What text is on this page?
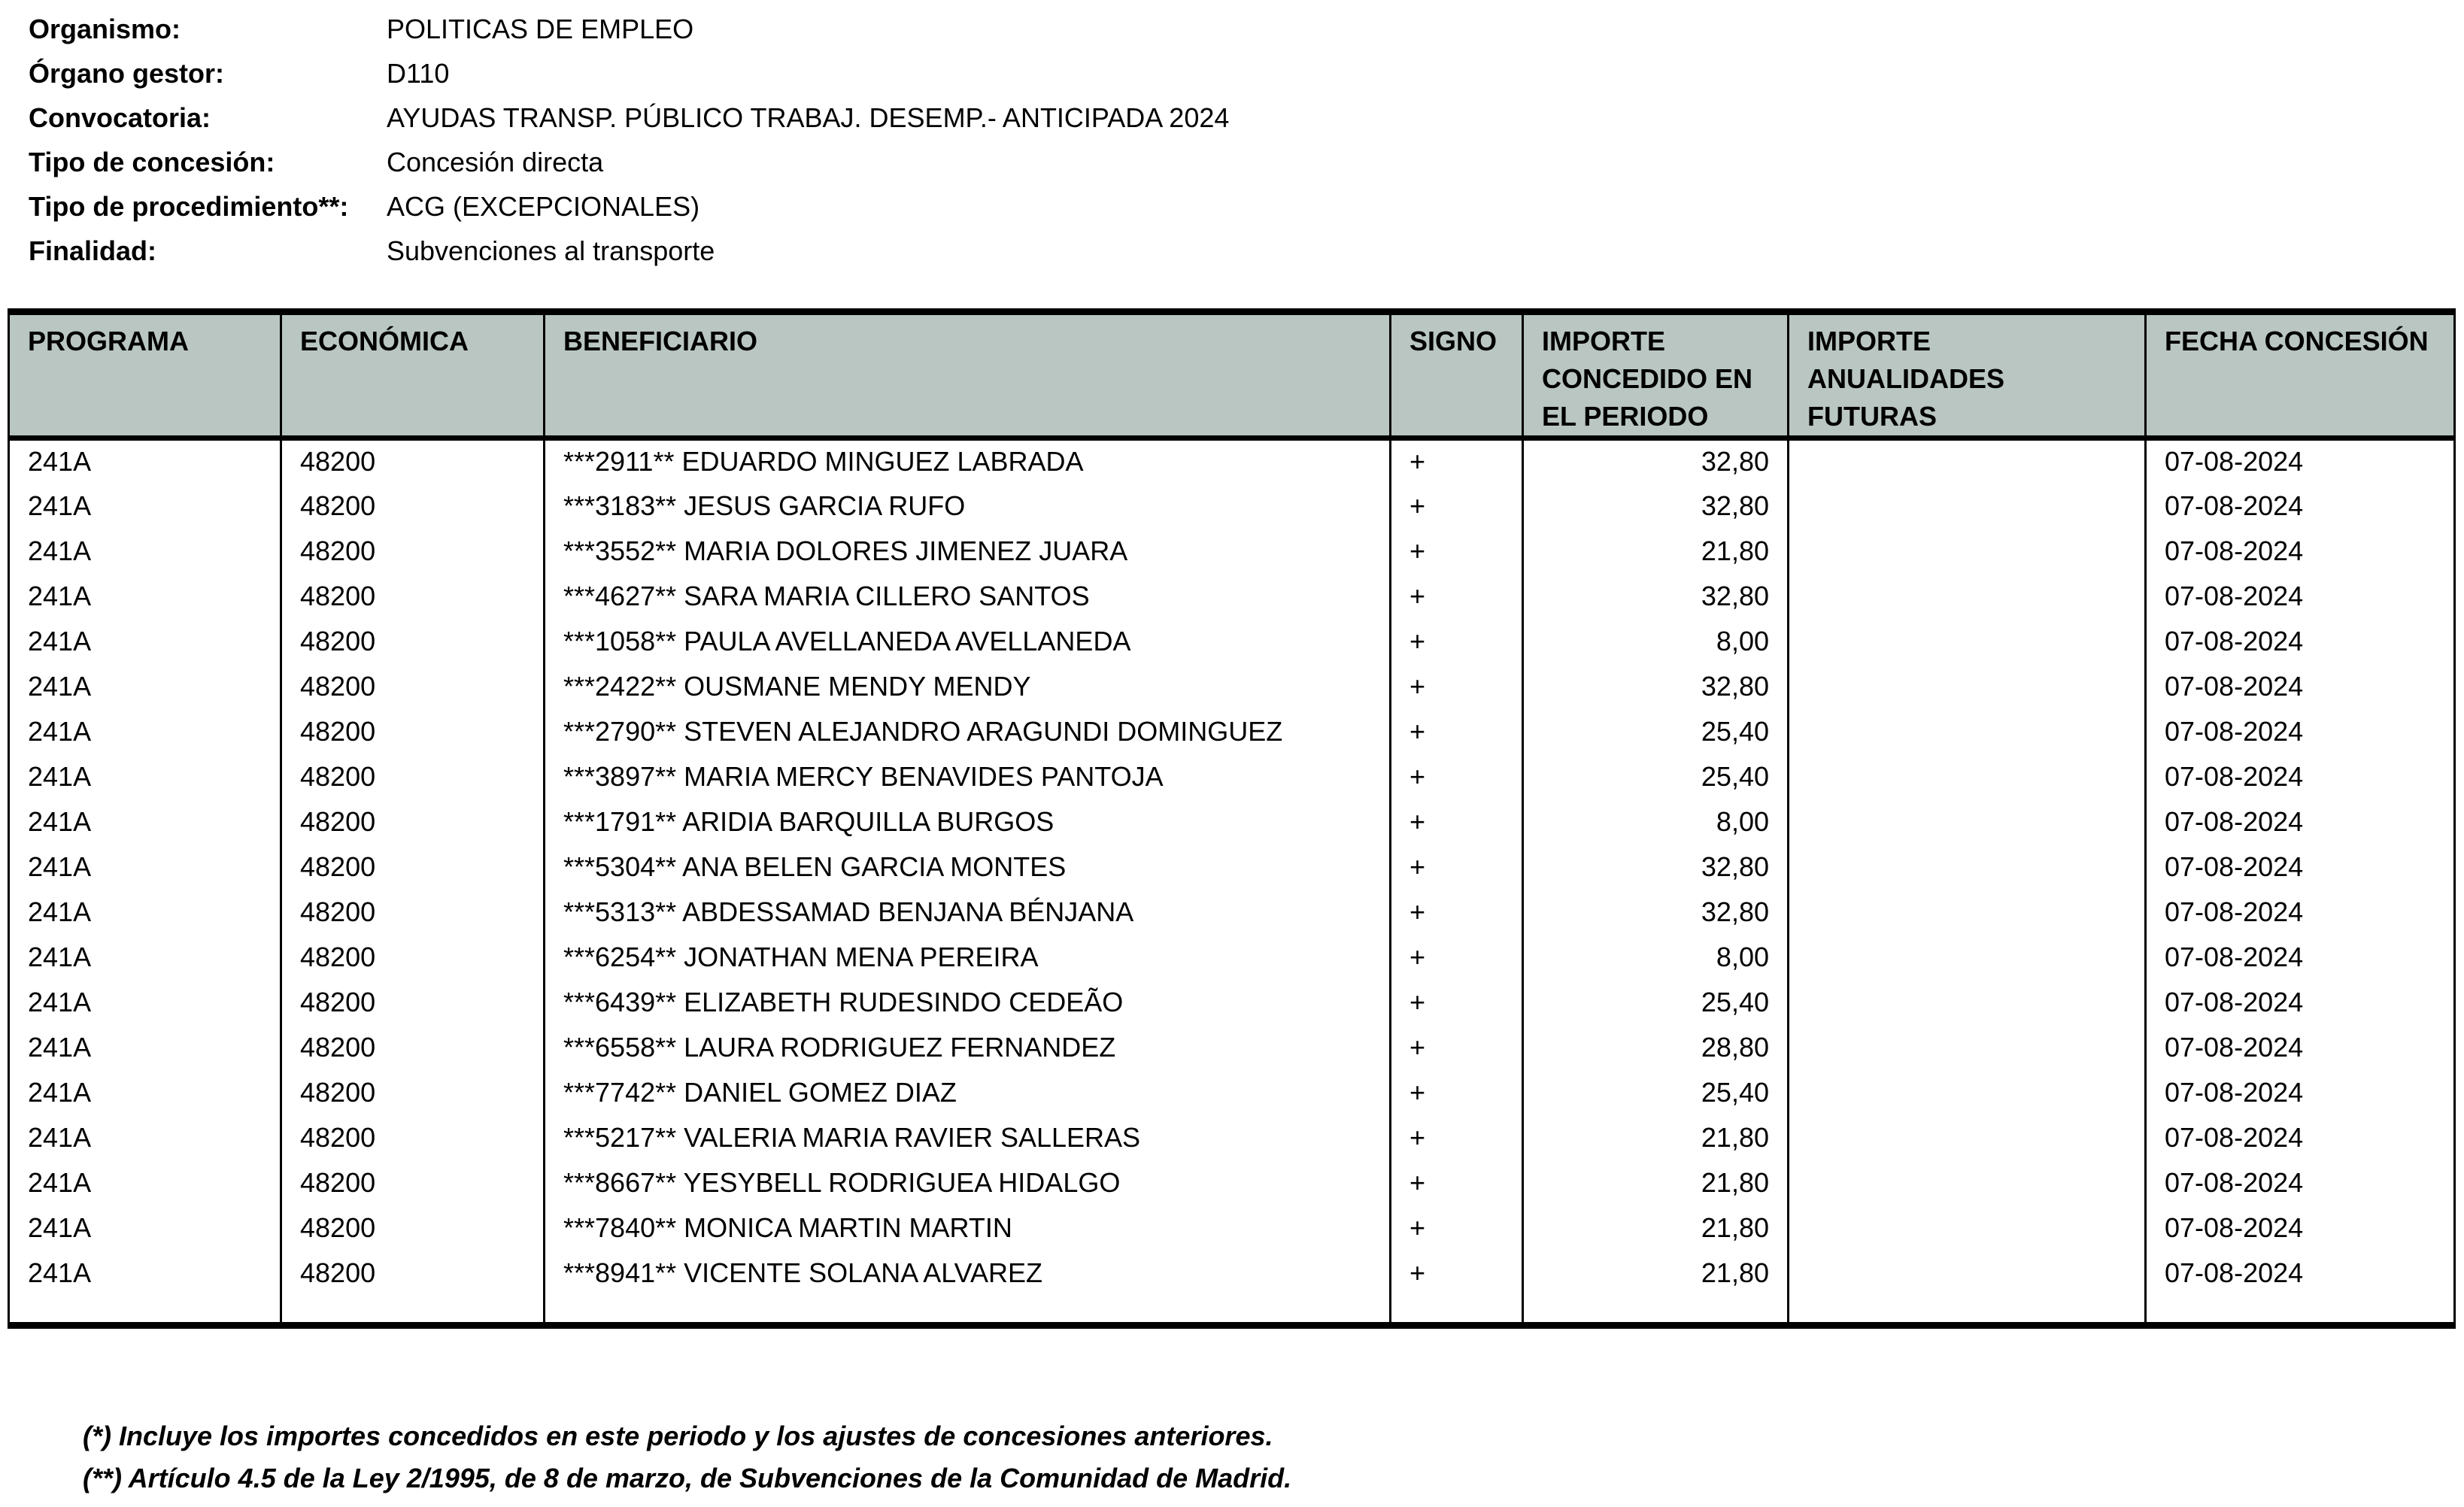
Organismo:	POLITICAS DE EMPLEO
Órgano gestor:	D110
Convocatoria:	AYUDAS TRANSP. PÚBLICO TRABAJ. DESEMP.- ANTICIPADA 2024
Tipo de concesión:	Concesión directa
Tipo de procedimiento**:	ACG (EXCEPCIONALES)
Finalidad:	Subvenciones al transporte
PROGRAMA	ECONÓMICA	BENEFICIARIO	SIGNO	IMPORTE CONCEDIDO EN EL PERIODO	IMPORTE ANUALIDADES FUTURAS	FECHA CONCESIÓN
241A	48200	***2911** EDUARDO MINGUEZ LABRADA	+	32,80		07-08-2024
241A	48200	***3183** JESUS GARCIA RUFO	+	32,80		07-08-2024
241A	48200	***3552** MARIA DOLORES JIMENEZ JUARA	+	21,80		07-08-2024
241A	48200	***4627** SARA MARIA CILLERO SANTOS	+	32,80		07-08-2024
241A	48200	***1058** PAULA AVELLANEDA AVELLANEDA	+	8,00		07-08-2024
241A	48200	***2422** OUSMANE MENDY MENDY	+	32,80		07-08-2024
241A	48200	***2790** STEVEN ALEJANDRO ARAGUNDI DOMINGUEZ	+	25,40		07-08-2024
241A	48200	***3897** MARIA MERCY BENAVIDES PANTOJA	+	25,40		07-08-2024
241A	48200	***1791** ARIDIA BARQUILLA BURGOS	+	8,00		07-08-2024
241A	48200	***5304** ANA BELEN GARCIA MONTES	+	32,80		07-08-2024
241A	48200	***5313** ABDESSAMAD BENJANA BÉNJANA	+	32,80		07-08-2024
241A	48200	***6254** JONATHAN MENA PEREIRA	+	8,00		07-08-2024
241A	48200	***6439** ELIZABETH RUDESINDO CEDEÃO	+	25,40		07-08-2024
241A	48200	***6558** LAURA RODRIGUEZ FERNANDEZ	+	28,80		07-08-2024
241A	48200	***7742** DANIEL GOMEZ DIAZ	+	25,40		07-08-2024
241A	48200	***5217** VALERIA MARIA RAVIER SALLERAS	+	21,80		07-08-2024
241A	48200	***8667** YESYBELL RODRIGUEA HIDALGO	+	21,80		07-08-2024
241A	48200	***7840** MONICA MARTIN MARTIN	+	21,80		07-08-2024
241A	48200	***8941** VICENTE SOLANA ALVAREZ	+	21,80		07-08-2024

(*) Incluye los importes concedidos en este periodo y los ajustes de concesiones anteriores.
(**) Artículo 4.5 de la Ley 2/1995, de 8 de marzo, de Subvenciones de la Comunidad de Madrid.
